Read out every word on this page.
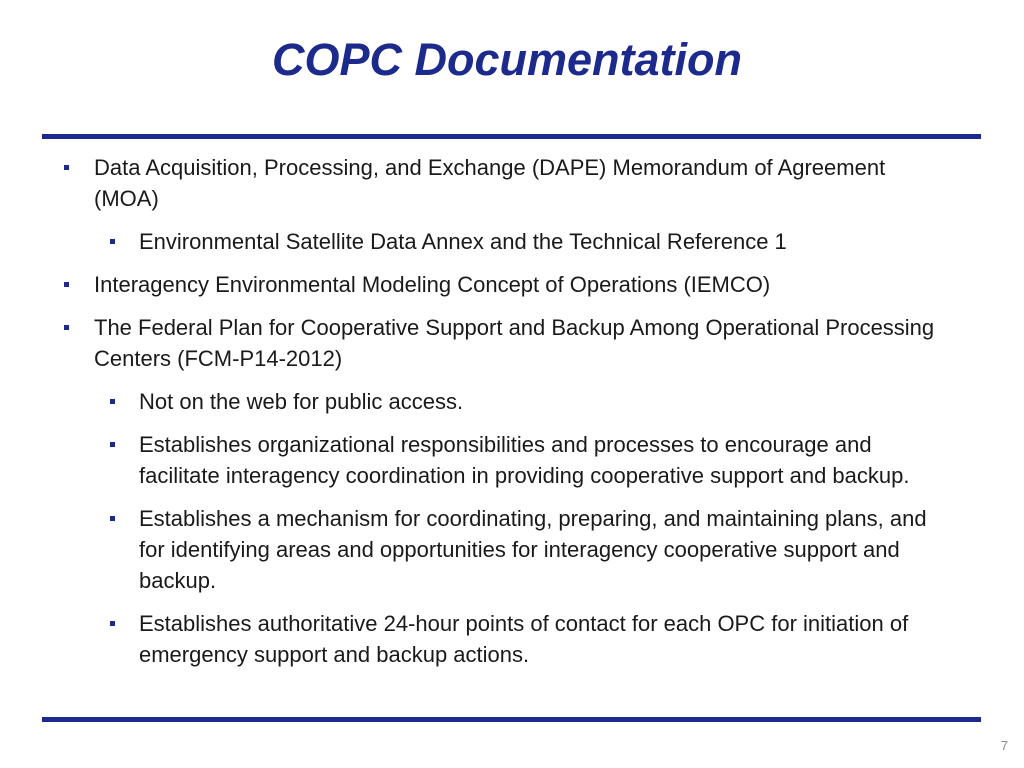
COPC Documentation
Data Acquisition, Processing, and Exchange (DAPE) Memorandum of Agreement (MOA)
Environmental Satellite Data Annex and the Technical Reference 1
Interagency Environmental Modeling Concept of Operations (IEMCO)
The Federal Plan for Cooperative Support and Backup Among Operational Processing Centers (FCM-P14-2012)
Not on the web for public access.
Establishes organizational responsibilities and processes to encourage and facilitate interagency coordination in providing cooperative support and backup.
Establishes a mechanism for coordinating, preparing, and maintaining plans, and for identifying areas and opportunities for interagency cooperative support and backup.
Establishes authoritative 24-hour points of contact for each OPC for initiation of emergency support and backup actions.
7
